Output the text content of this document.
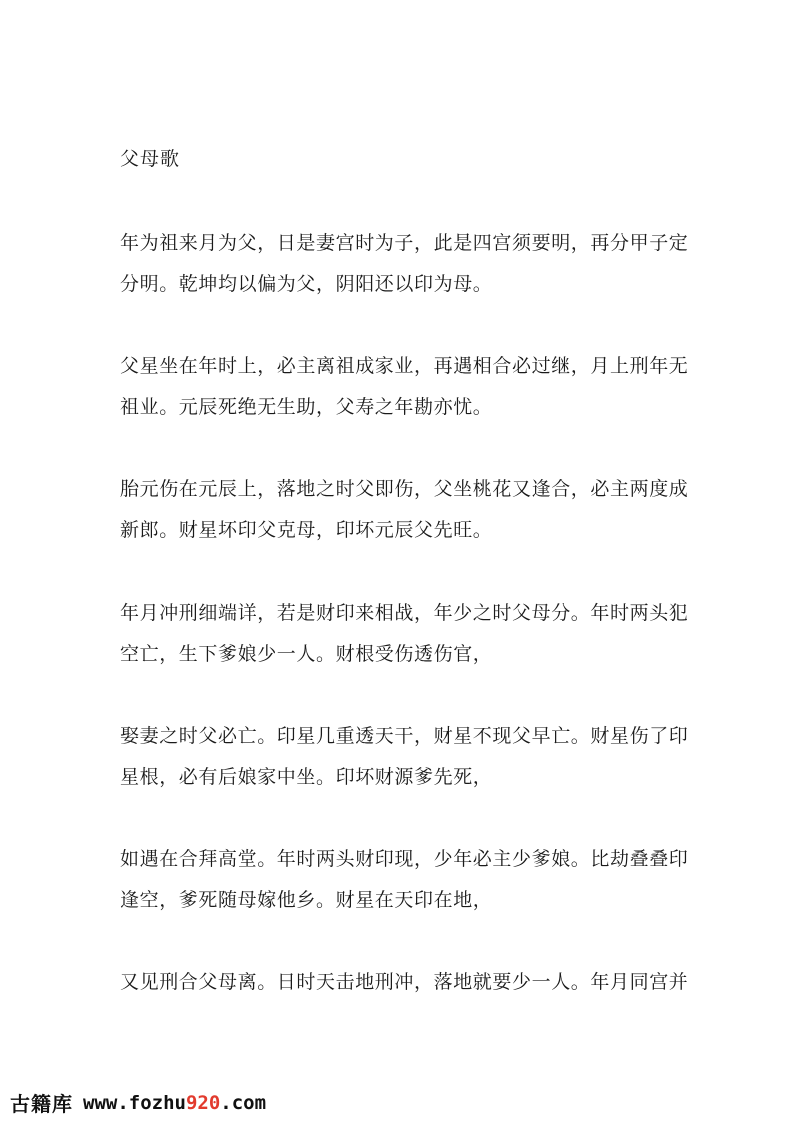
父母歌
年为祖来月为父，日是妻宫时为子，此是四宫须要明，再分甲子定
分明。乾坤均以偏为父，阴阳还以印为母。
父星坐在年时上，必主离祖成家业，再遇相合必过继，月上刑年无
祖业。元辰死绝无生助，父寿之年勘亦忧。
胎元伤在元辰上，落地之时父即伤，父坐桃花又逢合，必主两度成
新郎。财星坏印父克母，印坏元辰父先旺。
年月冲刑细端详，若是财印来相战，年少之时父母分。年时两头犯
空亡，生下爹娘少一人。财根受伤透伤官，
娶妻之时父必亡。印星几重透天干，财星不现父早亡。财星伤了印
星根，必有后娘家中坐。印坏财源爹先死，
如遇在合拜高堂。年时两头财印现，少年必主少爹娘。比劫叠叠印
逢空，爹死随母嫁他乡。财星在天印在地，
又见刑合父母离。日时天击地刑冲，落地就要少一人。年月同宫并
古籍库 www.fozhu920.com
